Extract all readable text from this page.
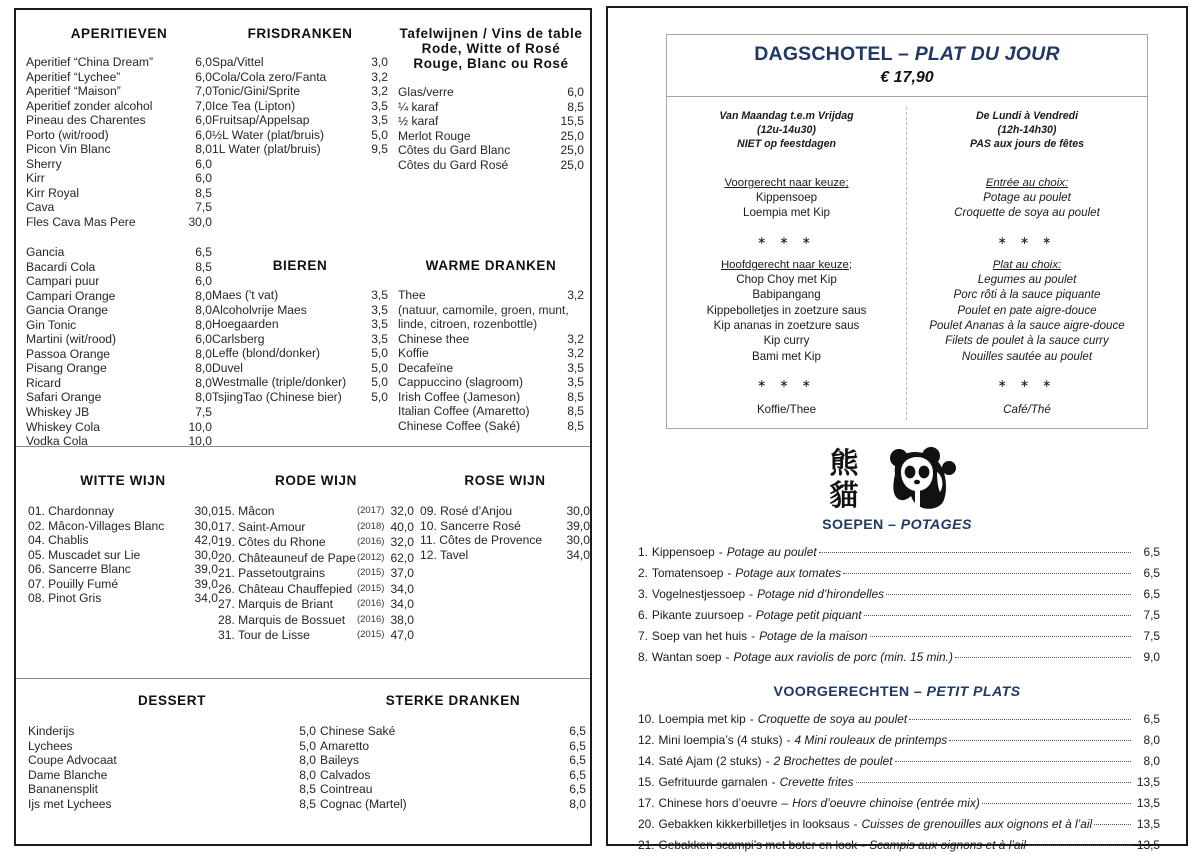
APERITIEVEN
Aperitief “China Dream”	6,0
Aperitief “Lychee”	6,0
Aperitief “Maison”	7,0
Aperitief zonder alcohol	7,0
Pineau des Charentes	6,0
Porto (wit/rood)	6,0
Picon Vin Blanc	8,0
Sherry	6,0
Kirr	6,0
Kirr Royal	8,5
Cava	7,5
Fles Cava Mas Pere	30,0
Gancia	6,5
Bacardi Cola	8,5
Campari puur	6,0
Campari Orange	8,0
Gancia Orange	8,0
Gin Tonic	8,0
Martini (wit/rood)	6,0
Passoa Orange	8,0
Pisang Orange	8,0
Ricard	8,0
Safari Orange	8,0
Whiskey JB	7,5
Whiskey Cola	10,0
Vodka Cola	10,0
FRISDRANKEN
Spa/Vittel	3,0
Cola/Cola zero/Fanta	3,2
Tonic/Gini/Sprite	3,2
Ice Tea (Lipton)	3,5
Fruitsap/Appelsap	3,5
½L Water (plat/bruis)	5,0
1L Water (plat/bruis)	9,5
BIEREN
Maes ('t vat)	3,5
Alcoholvrije Maes	3,5
Hoegaarden	3,5
Carlsberg	3,5
Leffe (blond/donker)	5,0
Duvel	5,0
Westmalle (triple/donker)	5,0
TsjingTao (Chinese bier)	5,0
Tafelwijnen / Vins de table
Rode, Witte of Rosé
Rouge, Blanc ou Rosé
Glas/verre	6,0
¼ karaf	8,5
½ karaf	15,5
Merlot Rouge	25,0
Côtes du Gard Blanc	25,0
Côtes du Gard Rosé	25,0
WARME DRANKEN
Thee	3,2
(natuur, camomile, groen, munt,
linde, citroen, rozenbottle)
Chinese thee	3,2
Koffie	3,2
Decafeïne	3,5
Cappuccino (slagroom)	3,5
Irish Coffee (Jameson)	8,5
Italian Coffee (Amaretto)	8,5
Chinese Coffee (Saké)	8,5
WITTE WIJN
01. Chardonnay	30,0
02. Mâcon-Villages Blanc	30,0
04. Chablis	42,0
05. Muscadet sur Lie	30,0
06. Sancerre Blanc	39,0
07. Pouilly Fumé	39,0
08. Pinot Gris	34,0
RODE WIJN
15. Mâcon	(2017) 32,0
17. Saint-Amour	(2018) 40,0
19. Côtes du Rhone	(2016) 32,0
20. Châteauneuf de Pape (2012) 62,0
21. Passetoutgrains	(2015) 37,0
26. Château Chauffepied (2015) 34,0
27. Marquis de Briant	(2016) 34,0
28. Marquis de Bossuet	(2016) 38,0
31. Tour de Lisse	(2015) 47,0
ROSE WIJN
09. Rosé d’Anjou	30,0
10. Sancerre Rosé	39,0
11. Côtes de Provence	30,0
12. Tavel	34,0
DESSERT
Kinderijs	5,0
Lychees	5,0
Coupe Advocaat	8,0
Dame Blanche	8,0
Bananensplit	8,5
Ijs met Lychees	8,5
STERKE DRANKEN
Chinese Saké	6,5
Amaretto	6,5
Baileys	6,5
Calvados	6,5
Cointreau	6,5
Cognac (Martel)	8,0
DAGSCHOTEL – PLAT DU JOUR
€ 17,90
Van Maandag t.e.m Vrijdag
(12u-14u30)
NIET op feestdagen
Voorgerecht naar keuze;
Kippensoep
Loempia met Kip
∗ ∗ ∗
Hoofdgerecht naar keuze;
Chop Choy met Kip
Babipangang
Kippebolletjes in zoetzure saus
Kip ananas in zoetzure saus
Kip curry
Bami met Kip
∗ ∗ ∗
Koffie/Thee
De Lundi à Vendredi
(12h-14h30)
PAS aux jours de fêtes
Entrée au choix:
Potage au poulet
Croquette de soya au poulet
∗ ∗ ∗
Plat au choix:
Legumes au poulet
Porc rôti à la sauce piquante
Poulet en pate aigre-douce
Poulet Ananas à la sauce aigre-douce
Filets de poulet à la sauce curry
Nouilles sautée au poulet
∗ ∗ ∗
Café/Thé
熊
貓
SOEPEN – POTAGES
1. Kippensoep - Potage au poulet	6,5
2. Tomatensoep - Potage aux tomates	6,5
3. Vogelnestjessoep - Potage nid d’hirondelles	6,5
6. Pikante zuursoep - Potage petit piquant	7,5
7. Soep van het huis - Potage de la maison	7,5
8. Wantan soep - Potage aux raviolis de porc (min. 15 min.)	9,0
VOORGERECHTEN – PETIT PLATS
10. Loempia met kip - Croquette de soya au poulet	6,5
12. Mini loempia’s (4 stuks) - 4 Mini rouleaux de printemps	8,0
14. Saté Ajam (2 stuks) - 2 Brochettes de poulet	8,0
15. Gefrituurde garnalen - Crevette frites	13,5
17. Chinese hors d’oeuvre – Hors d’oeuvre chinoise (entrée mix)	13,5
20. Gebakken kikkerbilletjes in looksaus - Cuisses de grenouilles aux oignons et à l’ail	13,5
21. Gebakken scampi’s met boter en look - Scampis aux oignons et à l’ail	13,5
